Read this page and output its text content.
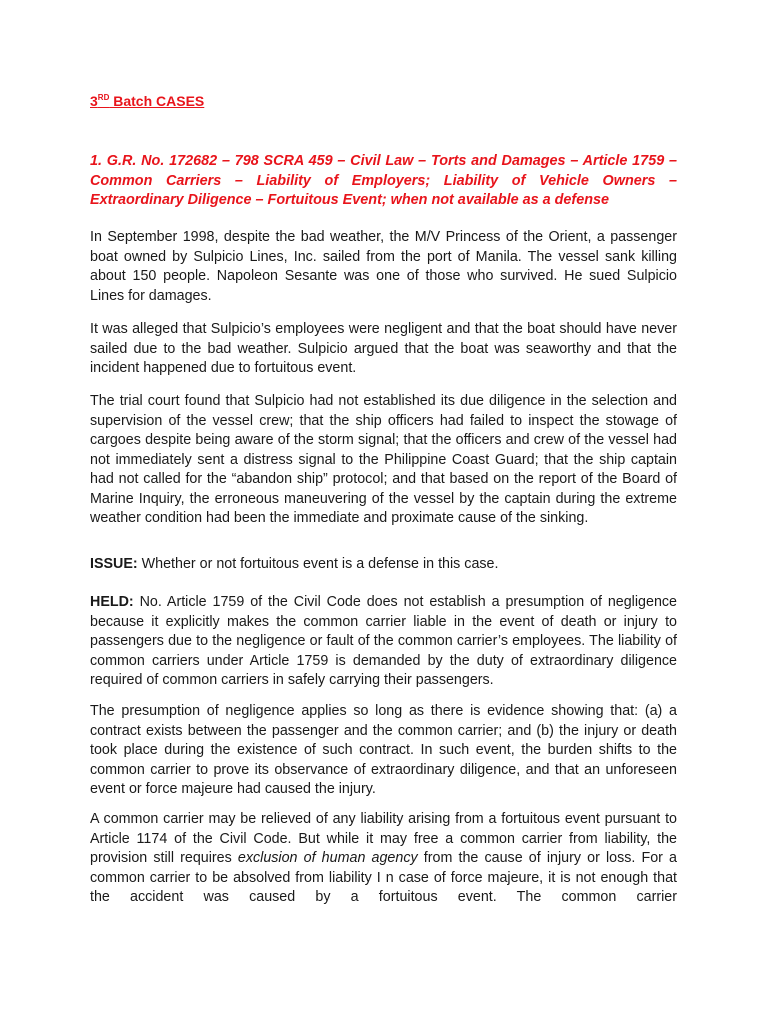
3RD Batch CASES

1. G.R. No. 172682 – 798 SCRA 459 – Civil Law – Torts and Damages – Article 1759 – Common Carriers – Liability of Employers; Liability of Vehicle Owners – Extraordinary Diligence – Fortuitous Event; when not available as a defense

In September 1998, despite the bad weather, the M/V Princess of the Orient, a passenger boat owned by Sulpicio Lines, Inc. sailed from the port of Manila. The vessel sank killing about 150 people. Napoleon Sesante was one of those who survived. He sued Sulpicio Lines for damages.

It was alleged that Sulpicio’s employees were negligent and that the boat should have never sailed due to the bad weather. Sulpicio argued that the boat was seaworthy and that the incident happened due to fortuitous event.

The trial court found that Sulpicio had not established its due diligence in the selection and supervision of the vessel crew; that the ship officers had failed to inspect the stowage of cargoes despite being aware of the storm signal; that the officers and crew of the vessel had not immediately sent a distress signal to the Philippine Coast Guard; that the ship captain had not called for the “abandon ship” protocol; and that based on the report of the Board of Marine Inquiry, the erroneous maneuvering of the vessel by the captain during the extreme weather condition had been the immediate and proximate cause of the sinking.

ISSUE: Whether or not fortuitous event is a defense in this case.

HELD: No. Article 1759 of the Civil Code does not establish a presumption of negligence because it explicitly makes the common carrier liable in the event of death or injury to passengers due to the negligence or fault of the common carrier’s employees. The liability of common carriers under Article 1759 is demanded by the duty of extraordinary diligence required of common carriers in safely carrying their passengers.

The presumption of negligence applies so long as there is evidence showing that: (a) a contract exists between the passenger and the common carrier; and (b) the injury or death took place during the existence of such contract. In such event, the burden shifts to the common carrier to prove its observance of extraordinary diligence, and that an unforeseen event or force majeure had caused the injury.

A common carrier may be relieved of any liability arising from a fortuitous event pursuant to Article 1174 of the Civil Code. But while it may free a common carrier from liability, the provision still requires exclusion of human agency from the cause of injury or loss. For a common carrier to be absolved from liability I n case of force majeure, it is not enough that the accident was caused by a fortuitous event. The common carrier
